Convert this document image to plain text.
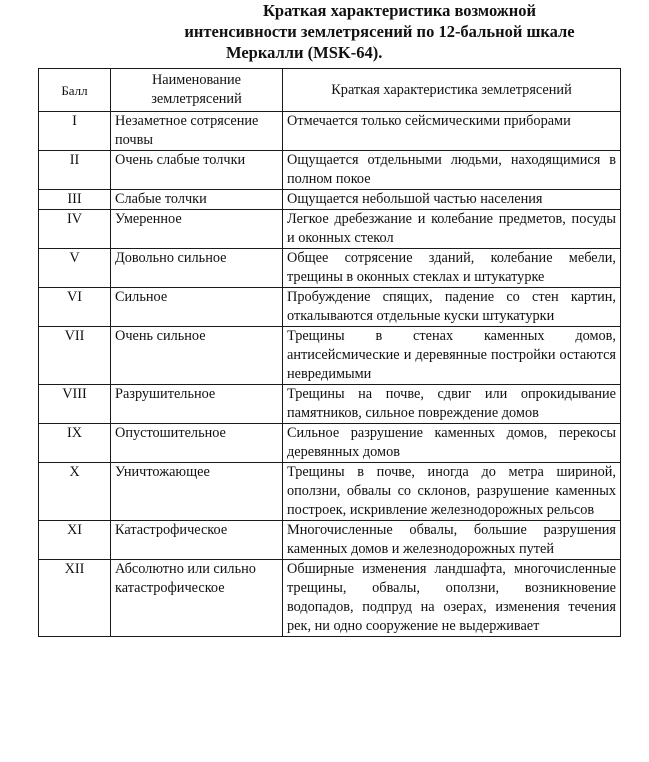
Краткая характеристика возможной
интенсивности землетрясений по 12-бальной шкале
Меркалли (MSK-64).
Балл	Наименование землетрясений	Краткая характеристика землетрясений
I	Незаметное сотрясение почвы	Отмечается только сейсмическими приборами
II	Очень слабые толчки	Ощущается отдельными людьми, находящимися в полном покое
III	Слабые толчки	Ощущается небольшой частью населения
IV	Умеренное	Легкое дребезжание и колебание предметов, посуды и оконных стекол
V	Довольно сильное	Общее сотрясение зданий, колебание мебели, трещины в оконных стеклах и штукатурке
VI	Сильное	Пробуждение спящих, падение со стен картин, откалываются отдельные куски штукатурки
VII	Очень сильное	Трещины в стенах каменных домов, антисейсмические и деревянные постройки остаются невредимыми
VIII	Разрушительное	Трещины на почве, сдвиг или опрокидывание памятников, сильное повреждение домов
IX	Опустошительное	Сильное разрушение каменных домов, перекосы деревянных домов
X	Уничтожающее	Трещины в почве, иногда до метра шириной, оползни, обвалы со склонов, разрушение каменных построек, искривление железнодорожных рельсов
XI	Катастрофическое	Многочисленные обвалы, большие разрушения каменных домов и железнодорожных путей
XII	Абсолютно или сильно катастрофическое	Обширные изменения ландшафта, многочисленные трещины, обвалы, оползни, возникновение водопадов, подпруд на озерах, изменения течения рек, ни одно сооружение не выдерживает
